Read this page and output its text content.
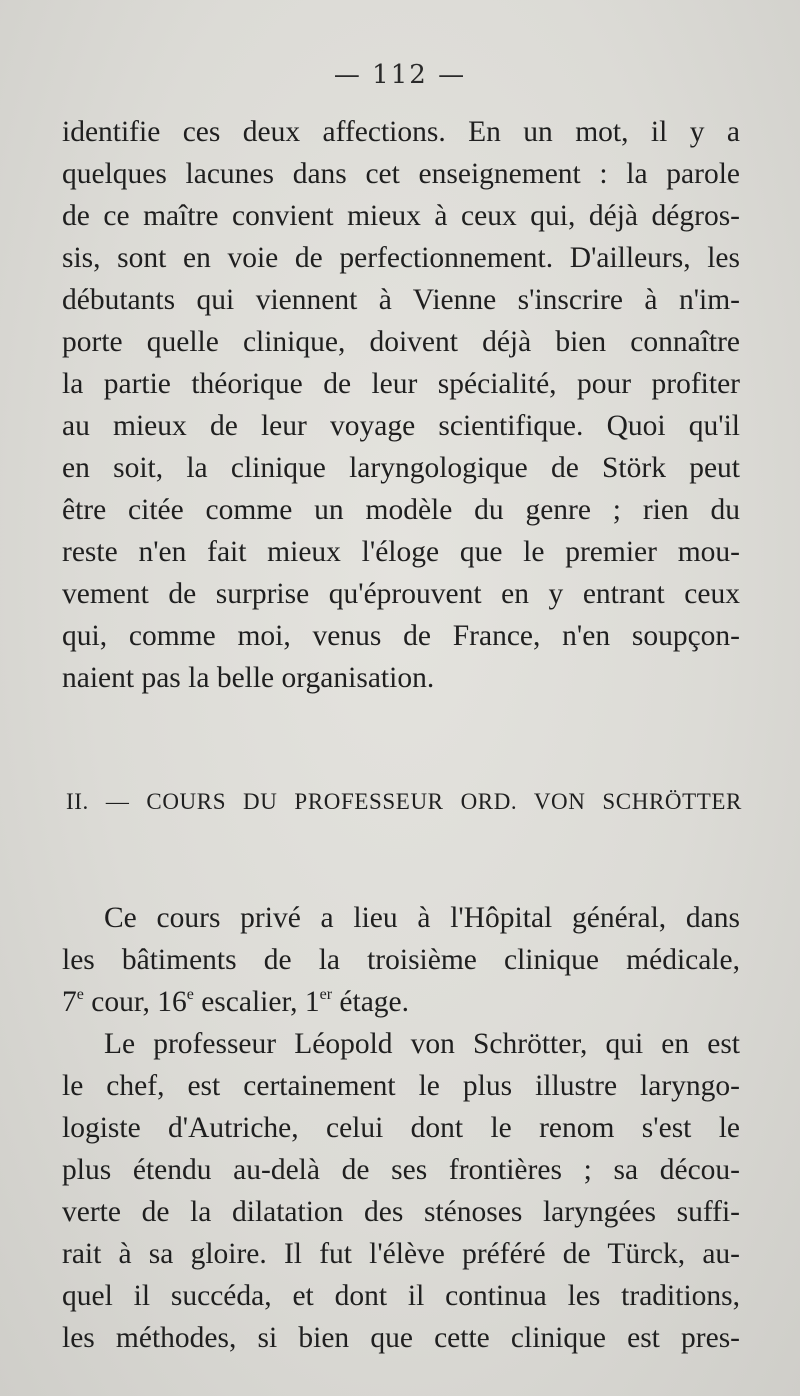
— 112 —
identifie ces deux affections. En un mot, il y a
quelques lacunes dans cet enseignement : la parole
de ce maître convient mieux à ceux qui, déjà dégros-
sis, sont en voie de perfectionnement. D'ailleurs, les
débutants qui viennent à Vienne s'inscrire à n'im-
porte quelle clinique, doivent déjà bien connaître
la partie théorique de leur spécialité, pour profiter
au mieux de leur voyage scientifique. Quoi qu'il
en soit, la clinique laryngologique de Störk peut
être citée comme un modèle du genre ; rien du
reste n'en fait mieux l'éloge que le premier mou-
vement de surprise qu'éprouvent en y entrant ceux
qui, comme moi, venus de France, n'en soupçon-
naient pas la belle organisation.
II. — COURS DU PROFESSEUR ORD. VON SCHRÖTTER
Ce cours privé a lieu à l'Hôpital général, dans
les bâtiments de la troisième clinique médicale,
7e cour, 16e escalier, 1er étage.
Le professeur Léopold von Schrötter, qui en est
le chef, est certainement le plus illustre laryngo-
logiste d'Autriche, celui dont le renom s'est le
plus étendu au-delà de ses frontières ; sa décou-
verte de la dilatation des sténoses laryngées suffi-
rait à sa gloire. Il fut l'élève préféré de Türck, au-
quel il succéda, et dont il continua les traditions,
les méthodes, si bien que cette clinique est pres-
